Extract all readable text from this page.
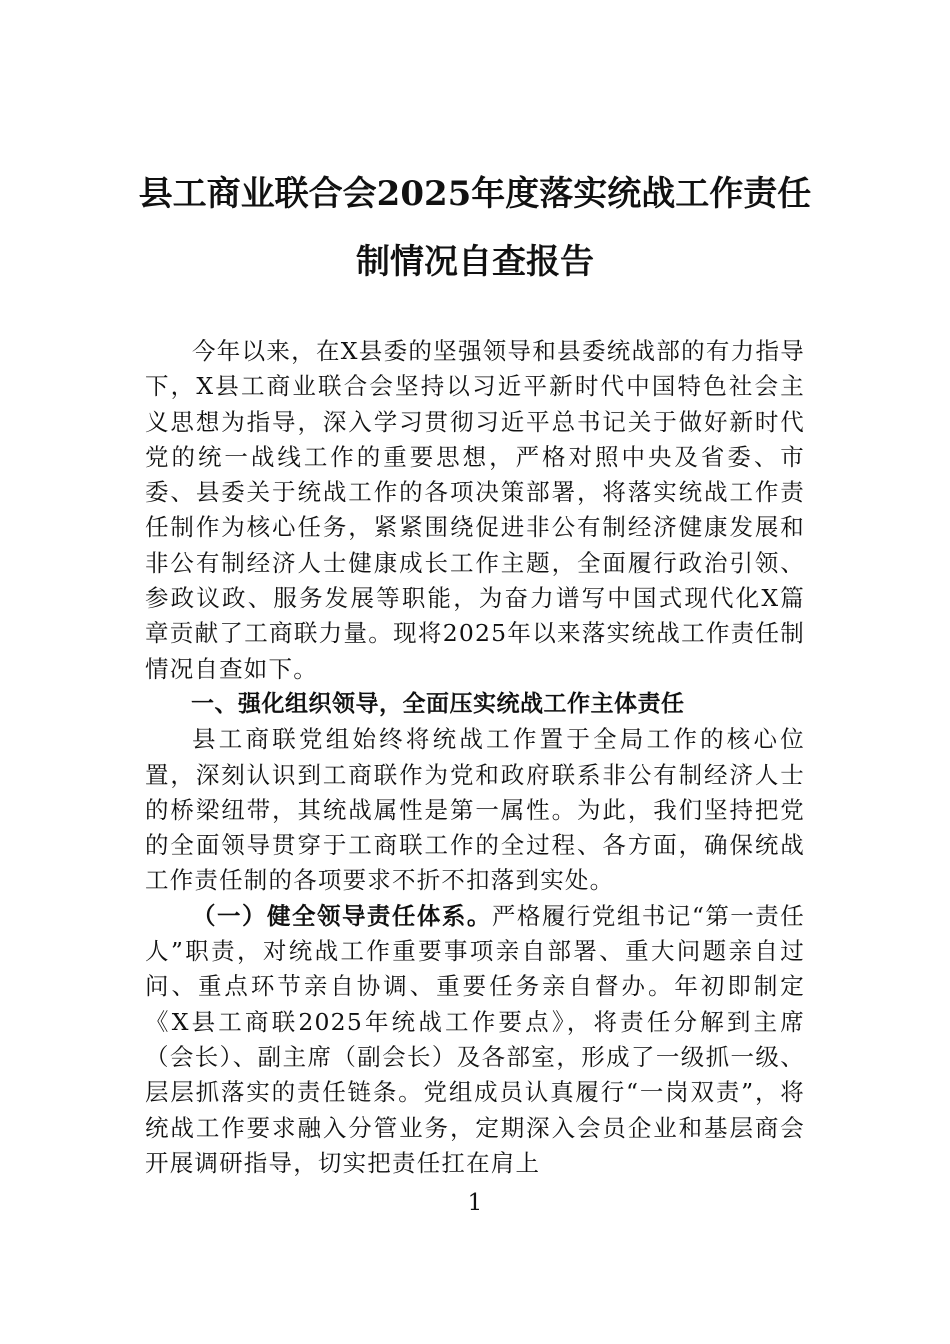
县工商业联合会2025年度落实统战工作责任制情况自查报告

今年以来，在X县委的坚强领导和县委统战部的有力指导下，X县工商业联合会坚持以习近平新时代中国特色社会主义思想为指导，深入学习贯彻习近平总书记关于做好新时代党的统一战线工作的重要思想，严格对照中央及省委、市委、县委关于统战工作的各项决策部署，将落实统战工作责任制作为核心任务，紧紧围绕促进非公有制经济健康发展和非公有制经济人士健康成长工作主题，全面履行政治引领、参政议政、服务发展等职能，为奋力谱写中国式现代化X篇章贡献了工商联力量。现将2025年以来落实统战工作责任制情况自查如下。

一、强化组织领导，全面压实统战工作主体责任

县工商联党组始终将统战工作置于全局工作的核心位置，深刻认识到工商联作为党和政府联系非公有制经济人士的桥梁纽带，其统战属性是第一属性。为此，我们坚持把党的全面领导贯穿于工商联工作的全过程、各方面，确保统战工作责任制的各项要求不折不扣落到实处。

（一）健全领导责任体系。严格履行党组书记“第一责任人”职责，对统战工作重要事项亲自部署、重大问题亲自过问、重点环节亲自协调、重要任务亲自督办。年初即制定《X县工商联2025年统战工作要点》，将责任分解到主席（会长）、副主席（副会长）及各部室，形成了一级抓一级、层层抓落实的责任链条。党组成员认真履行“一岗双责”，将统战工作要求融入分管业务，定期深入会员企业和基层商会开展调研指导，切实把责任扛在肩上

1
